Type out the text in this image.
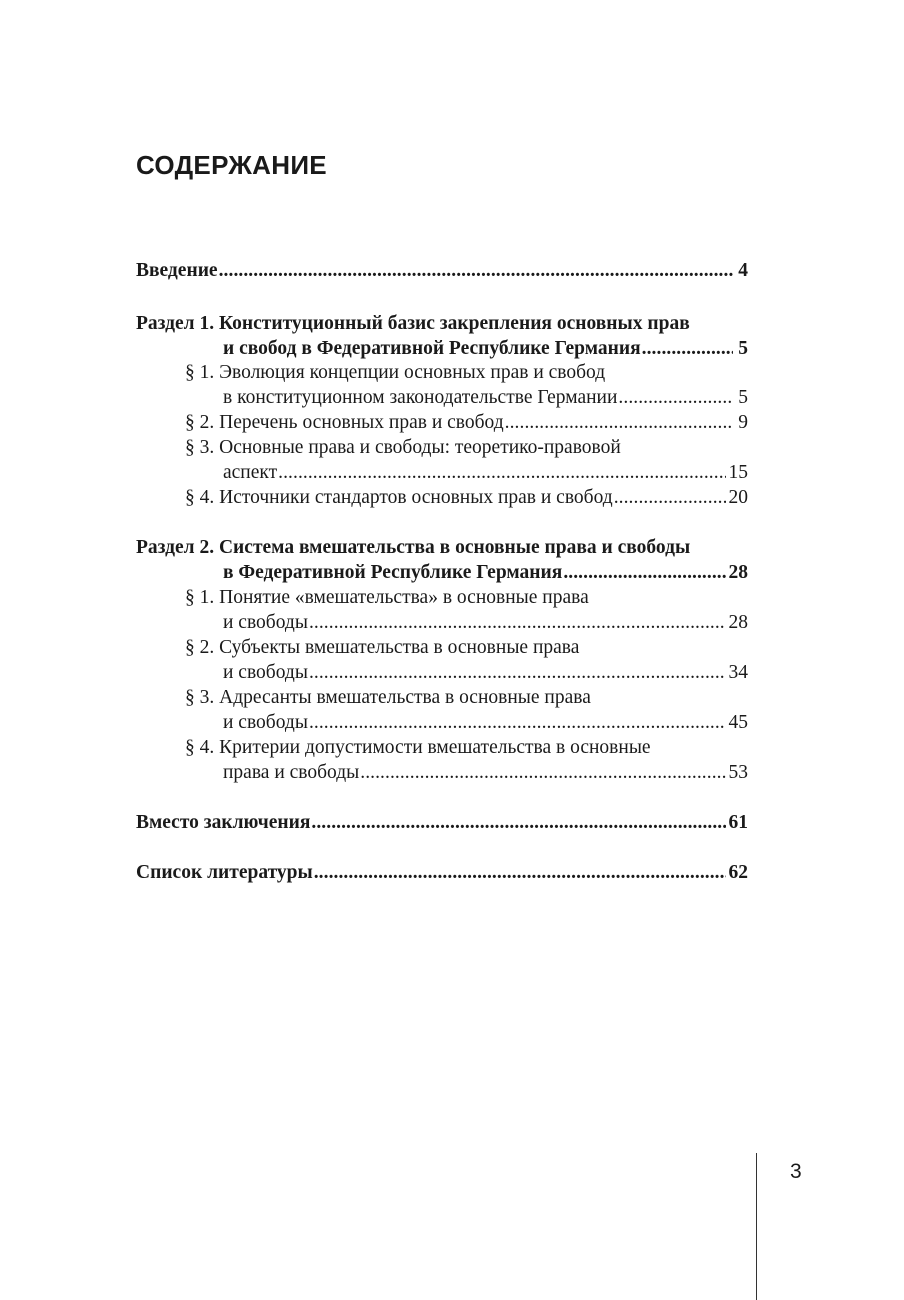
СОДЕРЖАНИЕ
Введение . . .	4
Раздел 1. Конституционный базис закрепления основных прав
и свобод в Федеративной Республике Германия . . .	5
§ 1. Эволюция концепции основных прав и свобод
в конституционном законодательстве Германии . . .	5
§ 2. Перечень основных прав и свобод . . .	9
§ 3. Основные права и свободы: теоретико-правовой
аспект . . .	15
§ 4. Источники стандартов основных прав и свобод . . .	20
Раздел 2. Система вмешательства в основные права и свободы
в Федеративной Республике Германия . . .	28
§ 1. Понятие «вмешательства» в основные права
и свободы . . .	28
§ 2. Субъекты вмешательства в основные права
и свободы . . .	34
§ 3. Адресанты вмешательства в основные права
и свободы . . .	45
§ 4. Критерии допустимости вмешательства в основные
права и свободы . . .	53
Вместо заключения . . .	61
Список литературы . . .	62
3
